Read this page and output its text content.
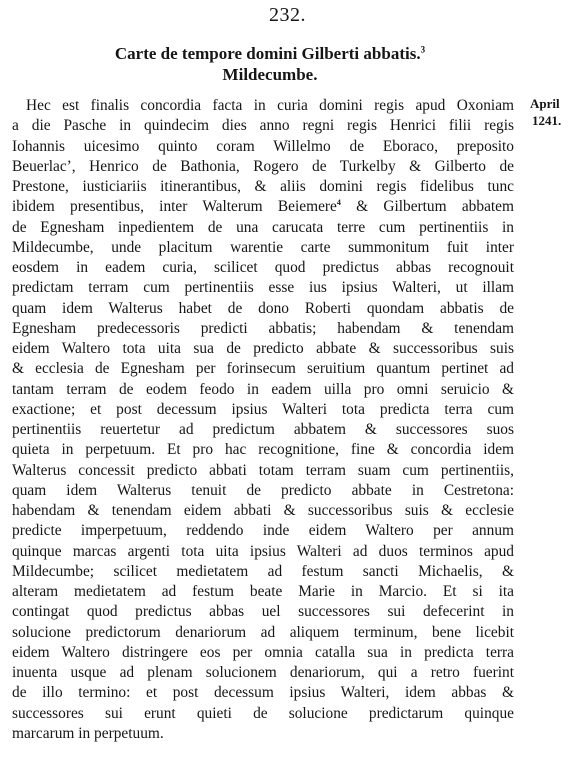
232.
Carte de tempore domini Gilberti abbatis.$^3$
Mildecumbe.
April
1241.
Hec est finalis concordia facta in curia domini regis apud Oxoniam
a die Pasche in quindecim dies anno regni regis Henrici filii regis
Iohannis uicesimo quinto coram Willelmo de Eboraco, preposito
Beuerlac’, Henrico de Bathonia, Rogero de Turkelby & Gilberto de
Prestone, iusticiariis itinerantibus, & aliis domini regis fidelibus tunc
ibidem presentibus, inter Walterum Beiemere$^4$ & Gilbertum abbatem
de Egnesham inpedientem de una carucata terre cum pertinentiis in
Mildecumbe, unde placitum warentie carte summonitum fuit inter
eosdem in eadem curia, scilicet quod predictus abbas recognouit
predictam terram cum pertinentiis esse ius ipsius Walteri, ut illam
quam idem Walterus habet de dono Roberti quondam abbatis de
Egnesham predecessoris predicti abbatis; habendam & tenendam
eidem Waltero tota uita sua de predicto abbate & successoribus suis
& ecclesia de Egnesham per forinsecum seruitium quantum pertinet ad
tantam terram de eodem feodo in eadem uilla pro omni seruicio &
exactione; et post decessum ipsius Walteri tota predicta terra cum
pertinentiis reuertetur ad predictum abbatem & successores suos
quieta in perpetuum. Et pro hac recognitione, fine & concordia idem
Walterus concessit predicto abbati totam terram suam cum pertinentiis,
quam idem Walterus tenuit de predicto abbate in Cestretona:
habendam & tenendam eidem abbati & successoribus suis & ecclesie
predicte imperpetuum, reddendo inde eidem Waltero per annum
quinque marcas argenti tota uita ipsius Walteri ad duos terminos apud
Mildecumbe; scilicet medietatem ad festum sancti Michaelis, &
alteram medietatem ad festum beate Marie in Marcio. Et si ita
contingat quod predictus abbas uel successores sui defecerint in
solucione predictorum denariorum ad aliquem terminum, bene licebit
eidem Waltero distringere eos per omnia catalla sua in predicta terra
inuenta usque ad plenam solucionem denariorum, qui a retro fuerint
de illo termino: et post decessum ipsius Walteri, idem abbas &
successores sui erunt quieti de solucione predictarum quinque
marcarum in perpetuum.
